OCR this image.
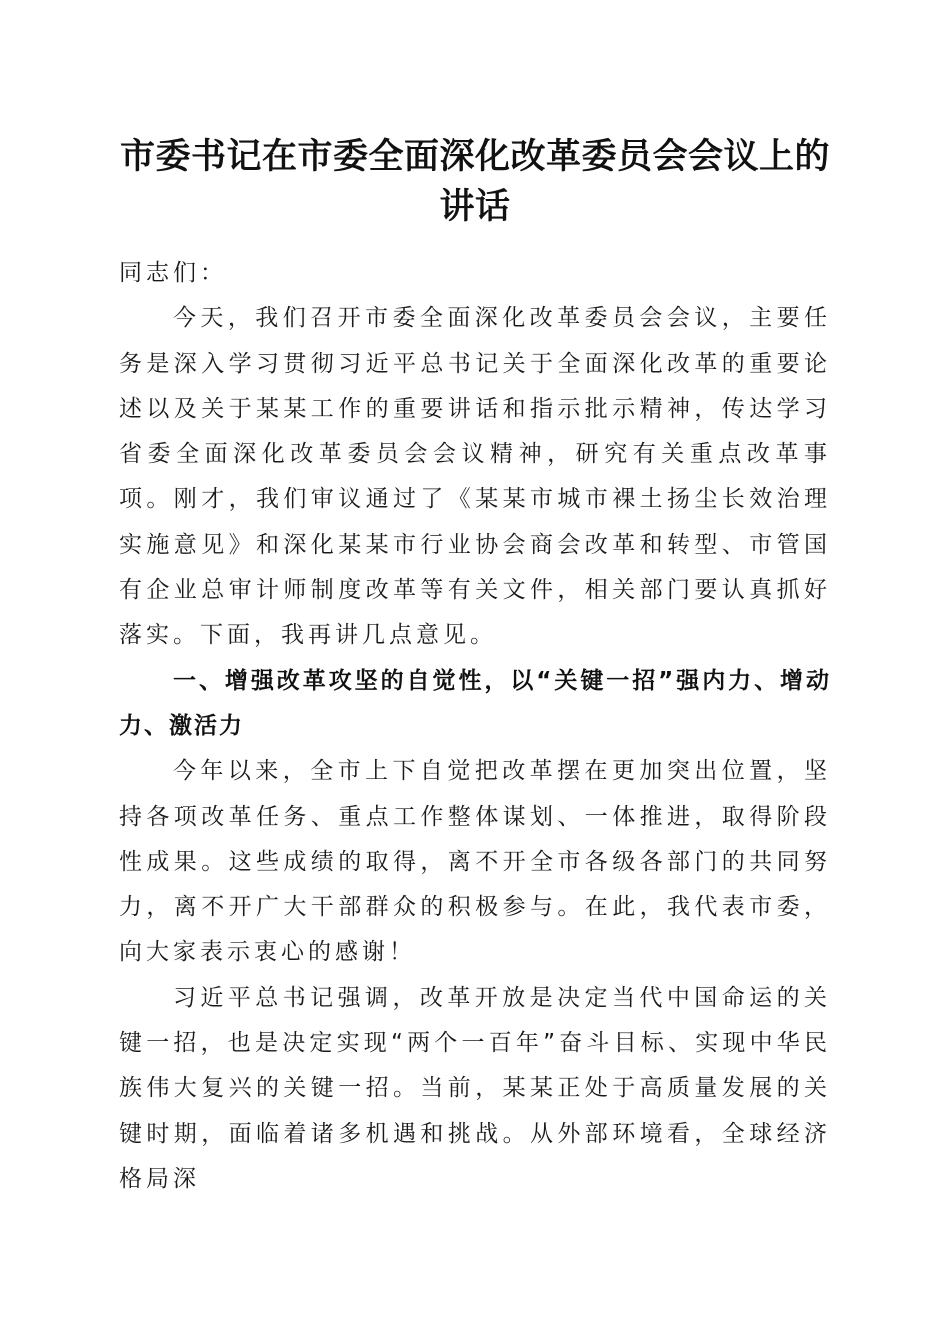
市委书记在市委全面深化改革委员会会议上的
讲话

同志们：

今天，我们召开市委全面深化改革委员会会议，主要任务是深入学习贯彻习近平总书记关于全面深化改革的重要论述以及关于某某工作的重要讲话和指示批示精神，传达学习省委全面深化改革委员会会议精神，研究有关重点改革事项。刚才，我们审议通过了《某某市城市裸土扬尘长效治理实施意见》和深化某某市行业协会商会改革和转型、市管国有企业总审计师制度改革等有关文件，相关部门要认真抓好落实。下面，我再讲几点意见。

一、增强改革攻坚的自觉性，以“关键一招”强内力、增动力、激活力

今年以来，全市上下自觉把改革摆在更加突出位置，坚持各项改革任务、重点工作整体谋划、一体推进，取得阶段性成果。这些成绩的取得，离不开全市各级各部门的共同努力，离不开广大干部群众的积极参与。在此，我代表市委，向大家表示衷心的感谢！

习近平总书记强调，改革开放是决定当代中国命运的关键一招，也是决定实现“两个一百年”奋斗目标、实现中华民族伟大复兴的关键一招。当前，某某正处于高质量发展的关键时期，面临着诸多机遇和挑战。从外部环境看，全球经济格局深
